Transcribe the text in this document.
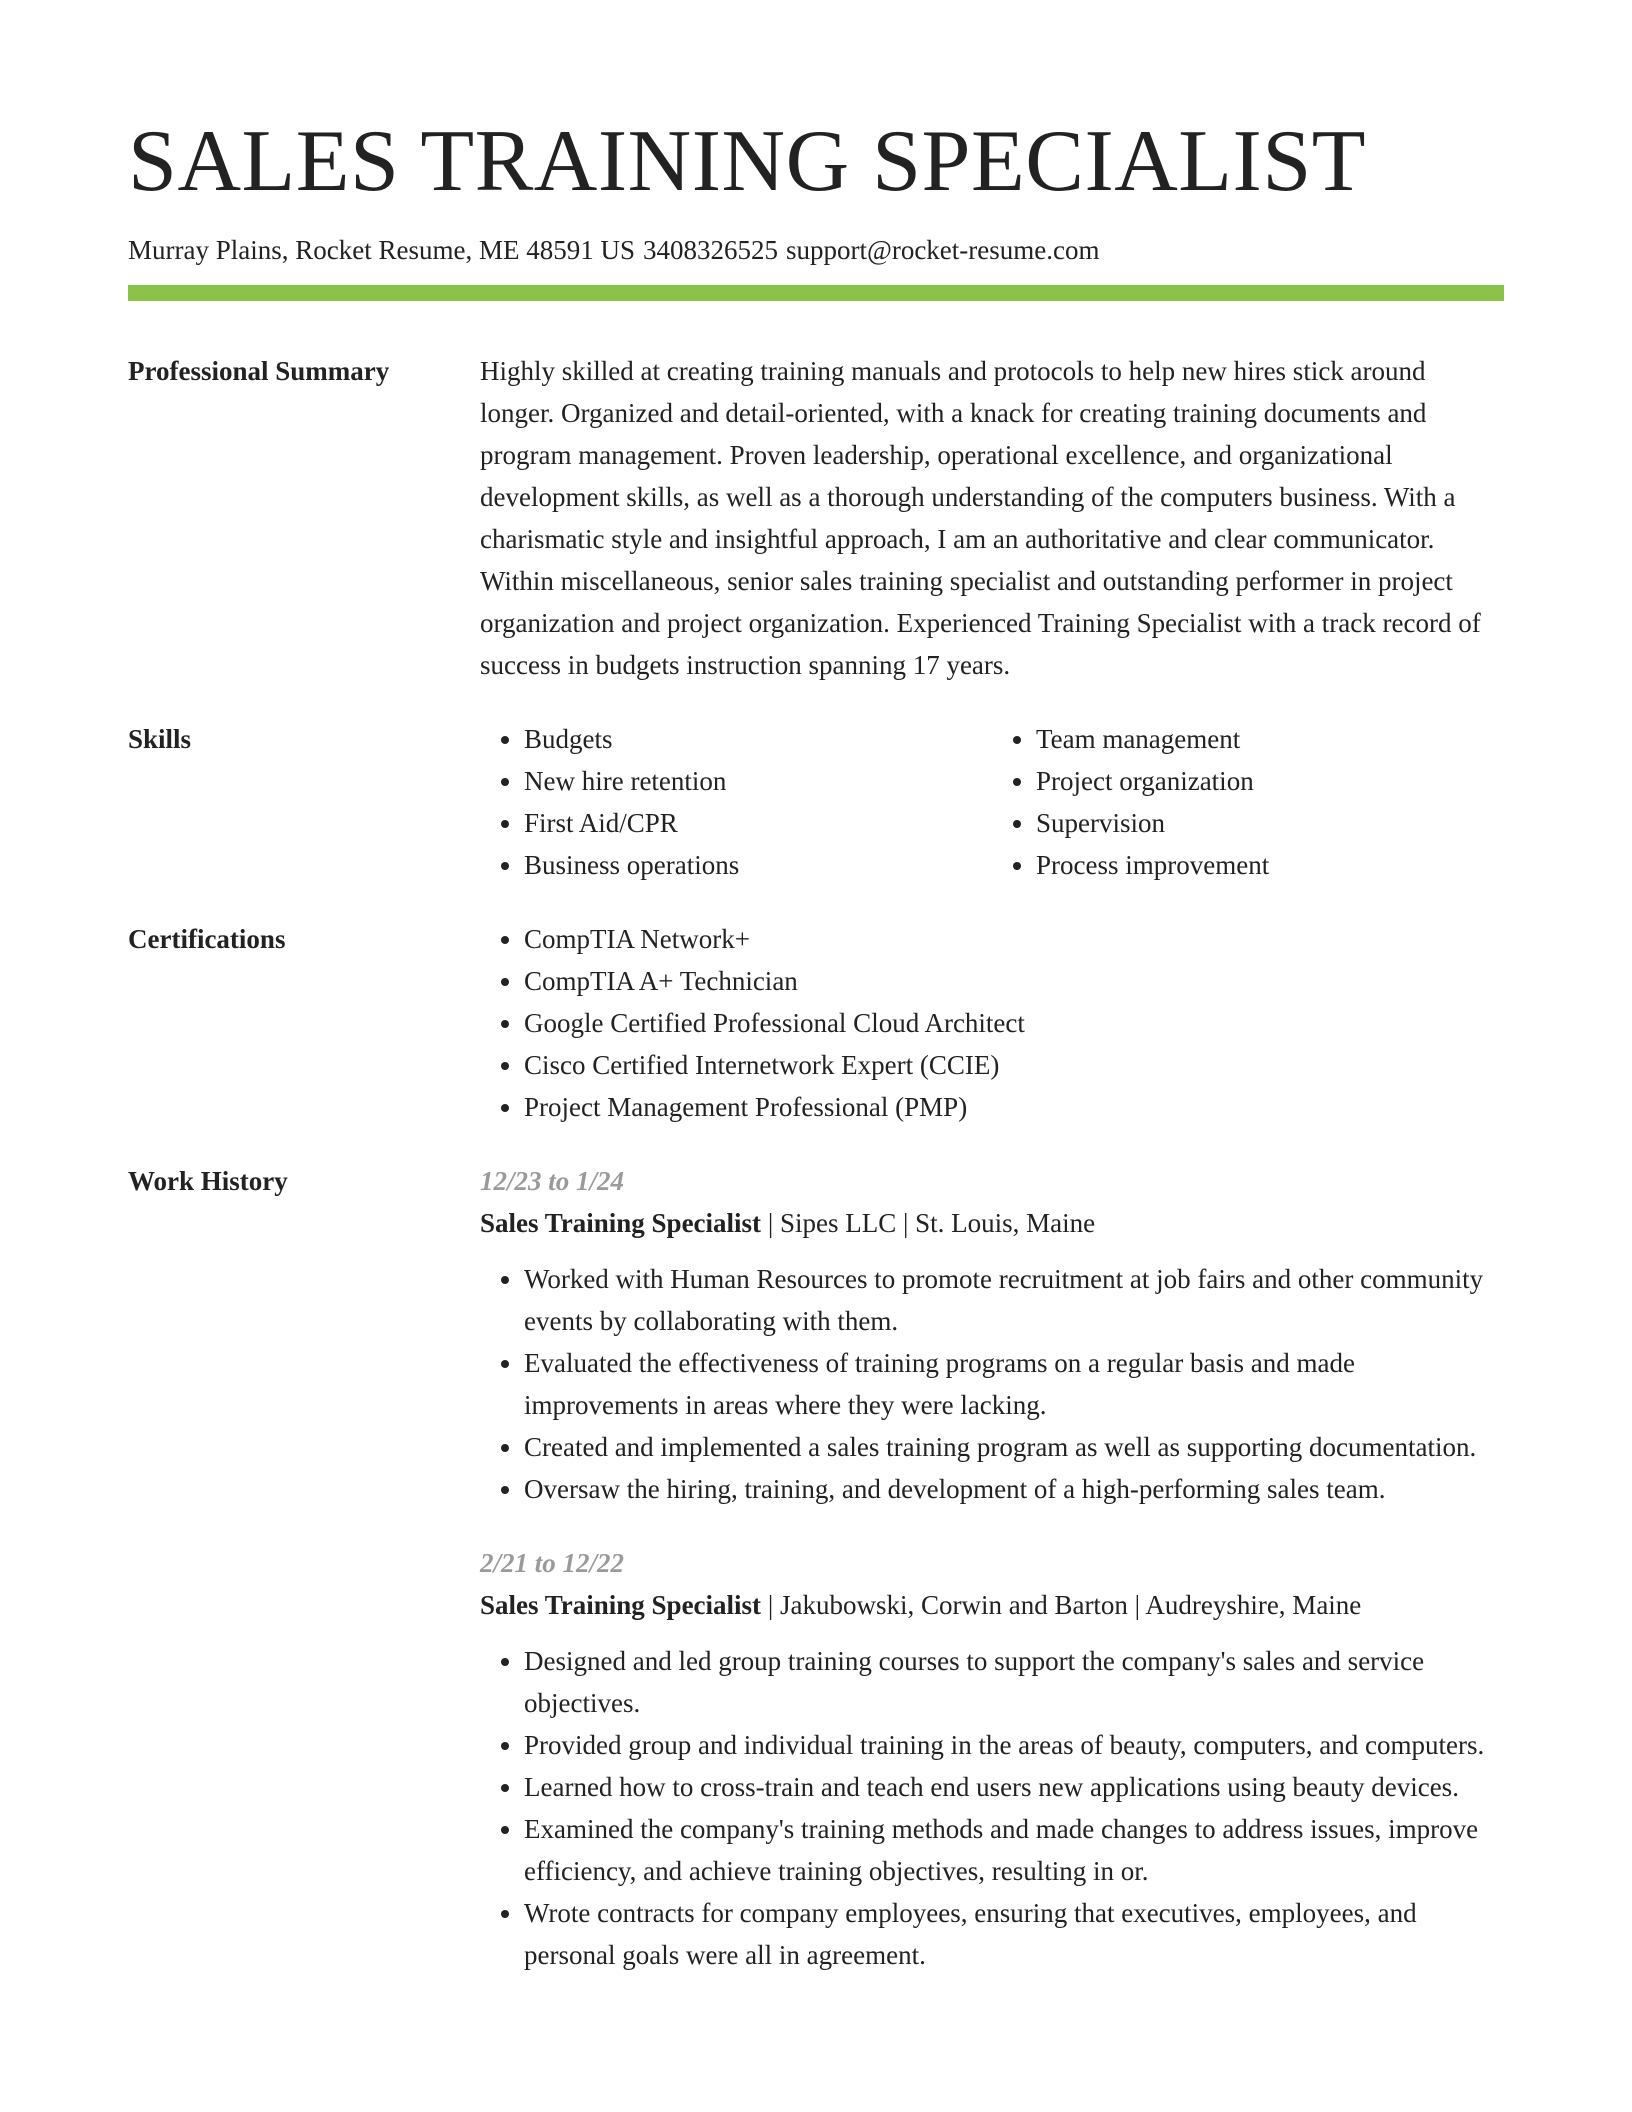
SALES TRAINING SPECIALIST
Murray Plains, Rocket Resume, ME 48591 US 3408326525 support@rocket-resume.com
Professional Summary	Highly skilled at creating training manuals and protocols to help new hires stick around longer. Organized and detail-oriented, with a knack for creating training documents and program management. Proven leadership, operational excellence, and organizational development skills, as well as a thorough understanding of the computers business. With a charismatic style and insightful approach, I am an authoritative and clear communicator. Within miscellaneous, senior sales training specialist and outstanding performer in project organization and project organization. Experienced Training Specialist with a track record of success in budgets instruction spanning 17 years.

Skills	• Budgets
• New hire retention
• First Aid/CPR
• Business operations
• Team management
• Project organization
• Supervision
• Process improvement
Certifications	• CompTIA Network+
• CompTIA A+ Technician
• Google Certified Professional Cloud Architect
• Cisco Certified Internetwork Expert (CCIE)
• Project Management Professional (PMP)
Work History	12/23 to 1/24
Sales Training Specialist | Sipes LLC | St. Louis, Maine
• Worked with Human Resources to promote recruitment at job fairs and other community events by collaborating with them.
• Evaluated the effectiveness of training programs on a regular basis and made improvements in areas where they were lacking.
• Created and implemented a sales training program as well as supporting documentation.
• Oversaw the hiring, training, and development of a high-performing sales team.
2/21 to 12/22
Sales Training Specialist | Jakubowski, Corwin and Barton | Audreyshire, Maine
• Designed and led group training courses to support the company's sales and service objectives.
• Provided group and individual training in the areas of beauty, computers, and computers.
• Learned how to cross-train and teach end users new applications using beauty devices.
• Examined the company's training methods and made changes to address issues, improve efficiency, and achieve training objectives, resulting in or.
• Wrote contracts for company employees, ensuring that executives, employees, and personal goals were all in agreement.
